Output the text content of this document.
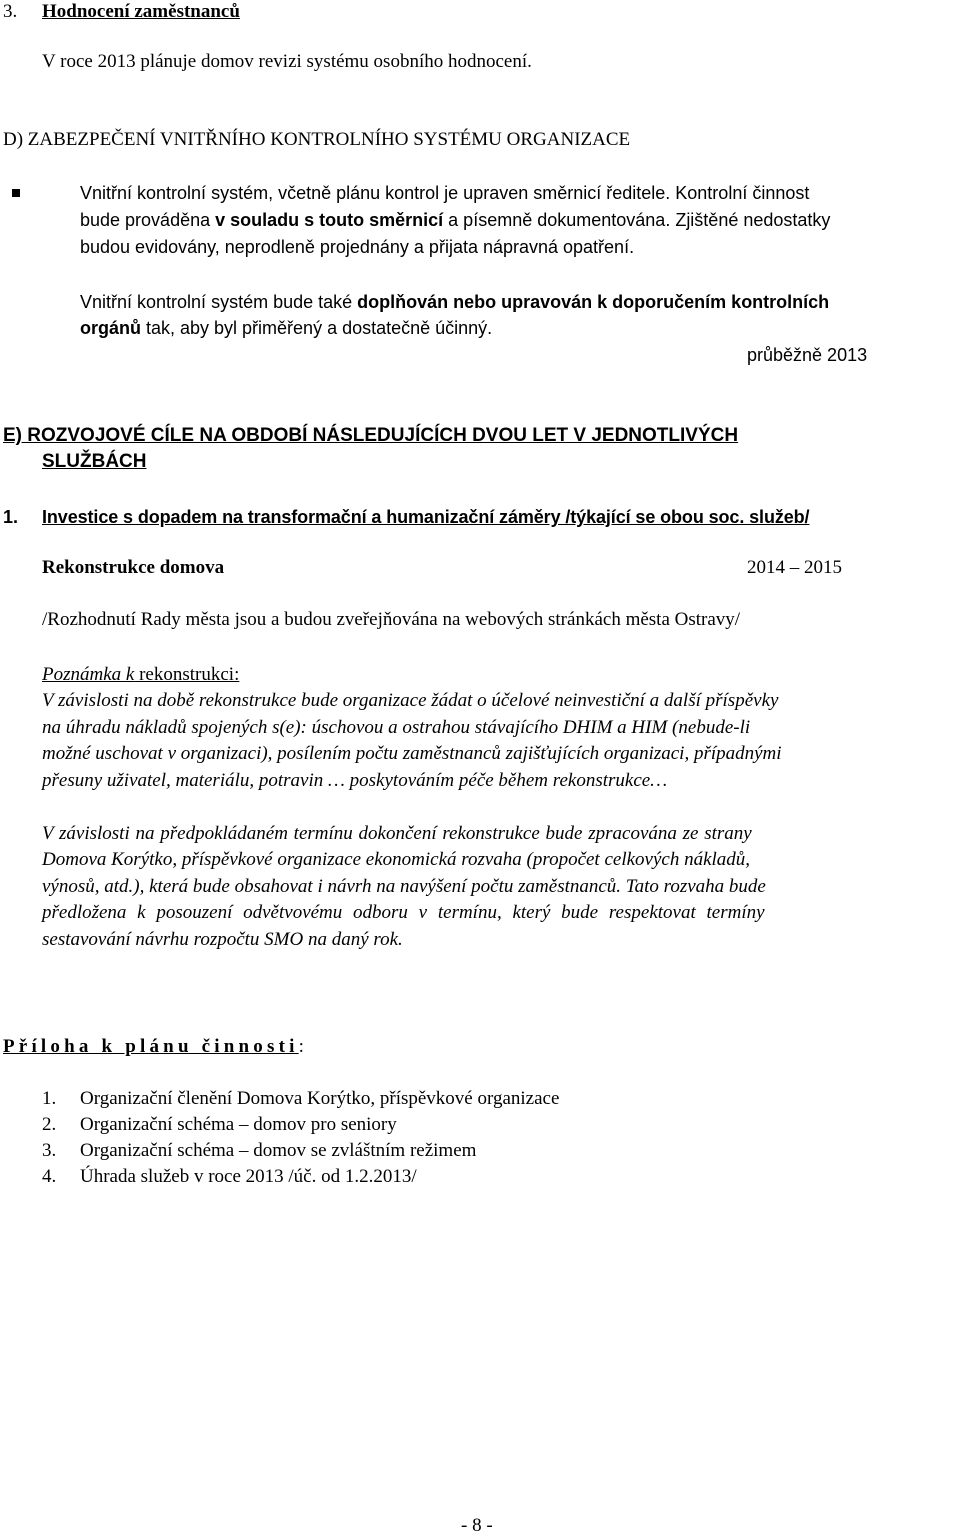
3. Hodnocení zaměstnanců
V roce 2013 plánuje domov revizi systému osobního hodnocení.
D) ZABEZPEČENÍ VNITŘNÍHO KONTROLNÍHO SYSTÉMU ORGANIZACE
Vnitřní kontrolní systém, včetně plánu kontrol je upraven směrnicí ředitele. Kontrolní činnost
bude prováděna v souladu s touto směrnicí a písemně dokumentována. Zjištěné nedostatky
budou evidovány, neprodleně projednány a přijata nápravná opatření.
Vnitřní kontrolní systém bude také doplňován nebo upravován k doporučením kontrolních
orgánů tak, aby byl přiměřený a dostatečně účinný.
průběžně 2013
E) ROZVOJOVÉ CÍLE NA OBDOBÍ NÁSLEDUJÍCÍCH DVOU LET V JEDNOTLIVÝCH
SLUŽBÁCH
1. Investice s dopadem na transformační a humanizační záměry /týkající se obou soc. služeb/
Rekonstrukce domova	2014 – 2015
/Rozhodnutí Rady města jsou a budou zveřejňována na webových stránkách města Ostravy/
Poznámka k rekonstrukci:
V závislosti na době rekonstrukce bude organizace žádat o účelové neinvestiční a další příspěvky
na úhradu nákladů spojených s(e): úschovou a ostrahou stávajícího DHIM a HIM (nebude-li
možné uschovat v organizaci), posílením počtu zaměstnanců zajišťujících organizaci, případnými
přesuny uživatel, materiálu, potravin … poskytováním péče během rekonstrukce…
V závislosti na předpokládaném termínu dokončení rekonstrukce bude zpracována ze strany
Domova Korýtko, příspěvkové organizace ekonomická rozvaha (propočet celkových nákladů,
výnosů, atd.), která bude obsahovat i návrh na navýšení počtu zaměstnanců. Tato rozvaha bude
předložena k posouzení odvětvovému odboru v termínu, který bude respektovat termíny
sestavování návrhu rozpočtu SMO na daný rok.
Příloha k plánu činnosti:
1. Organizační členění Domova Korýtko, příspěvkové organizace
2. Organizační schéma – domov pro seniory
3. Organizační schéma – domov se zvláštním režimem
4. Úhrada služeb v roce 2013 /úč. od 1.2.2013/
- 8 -
